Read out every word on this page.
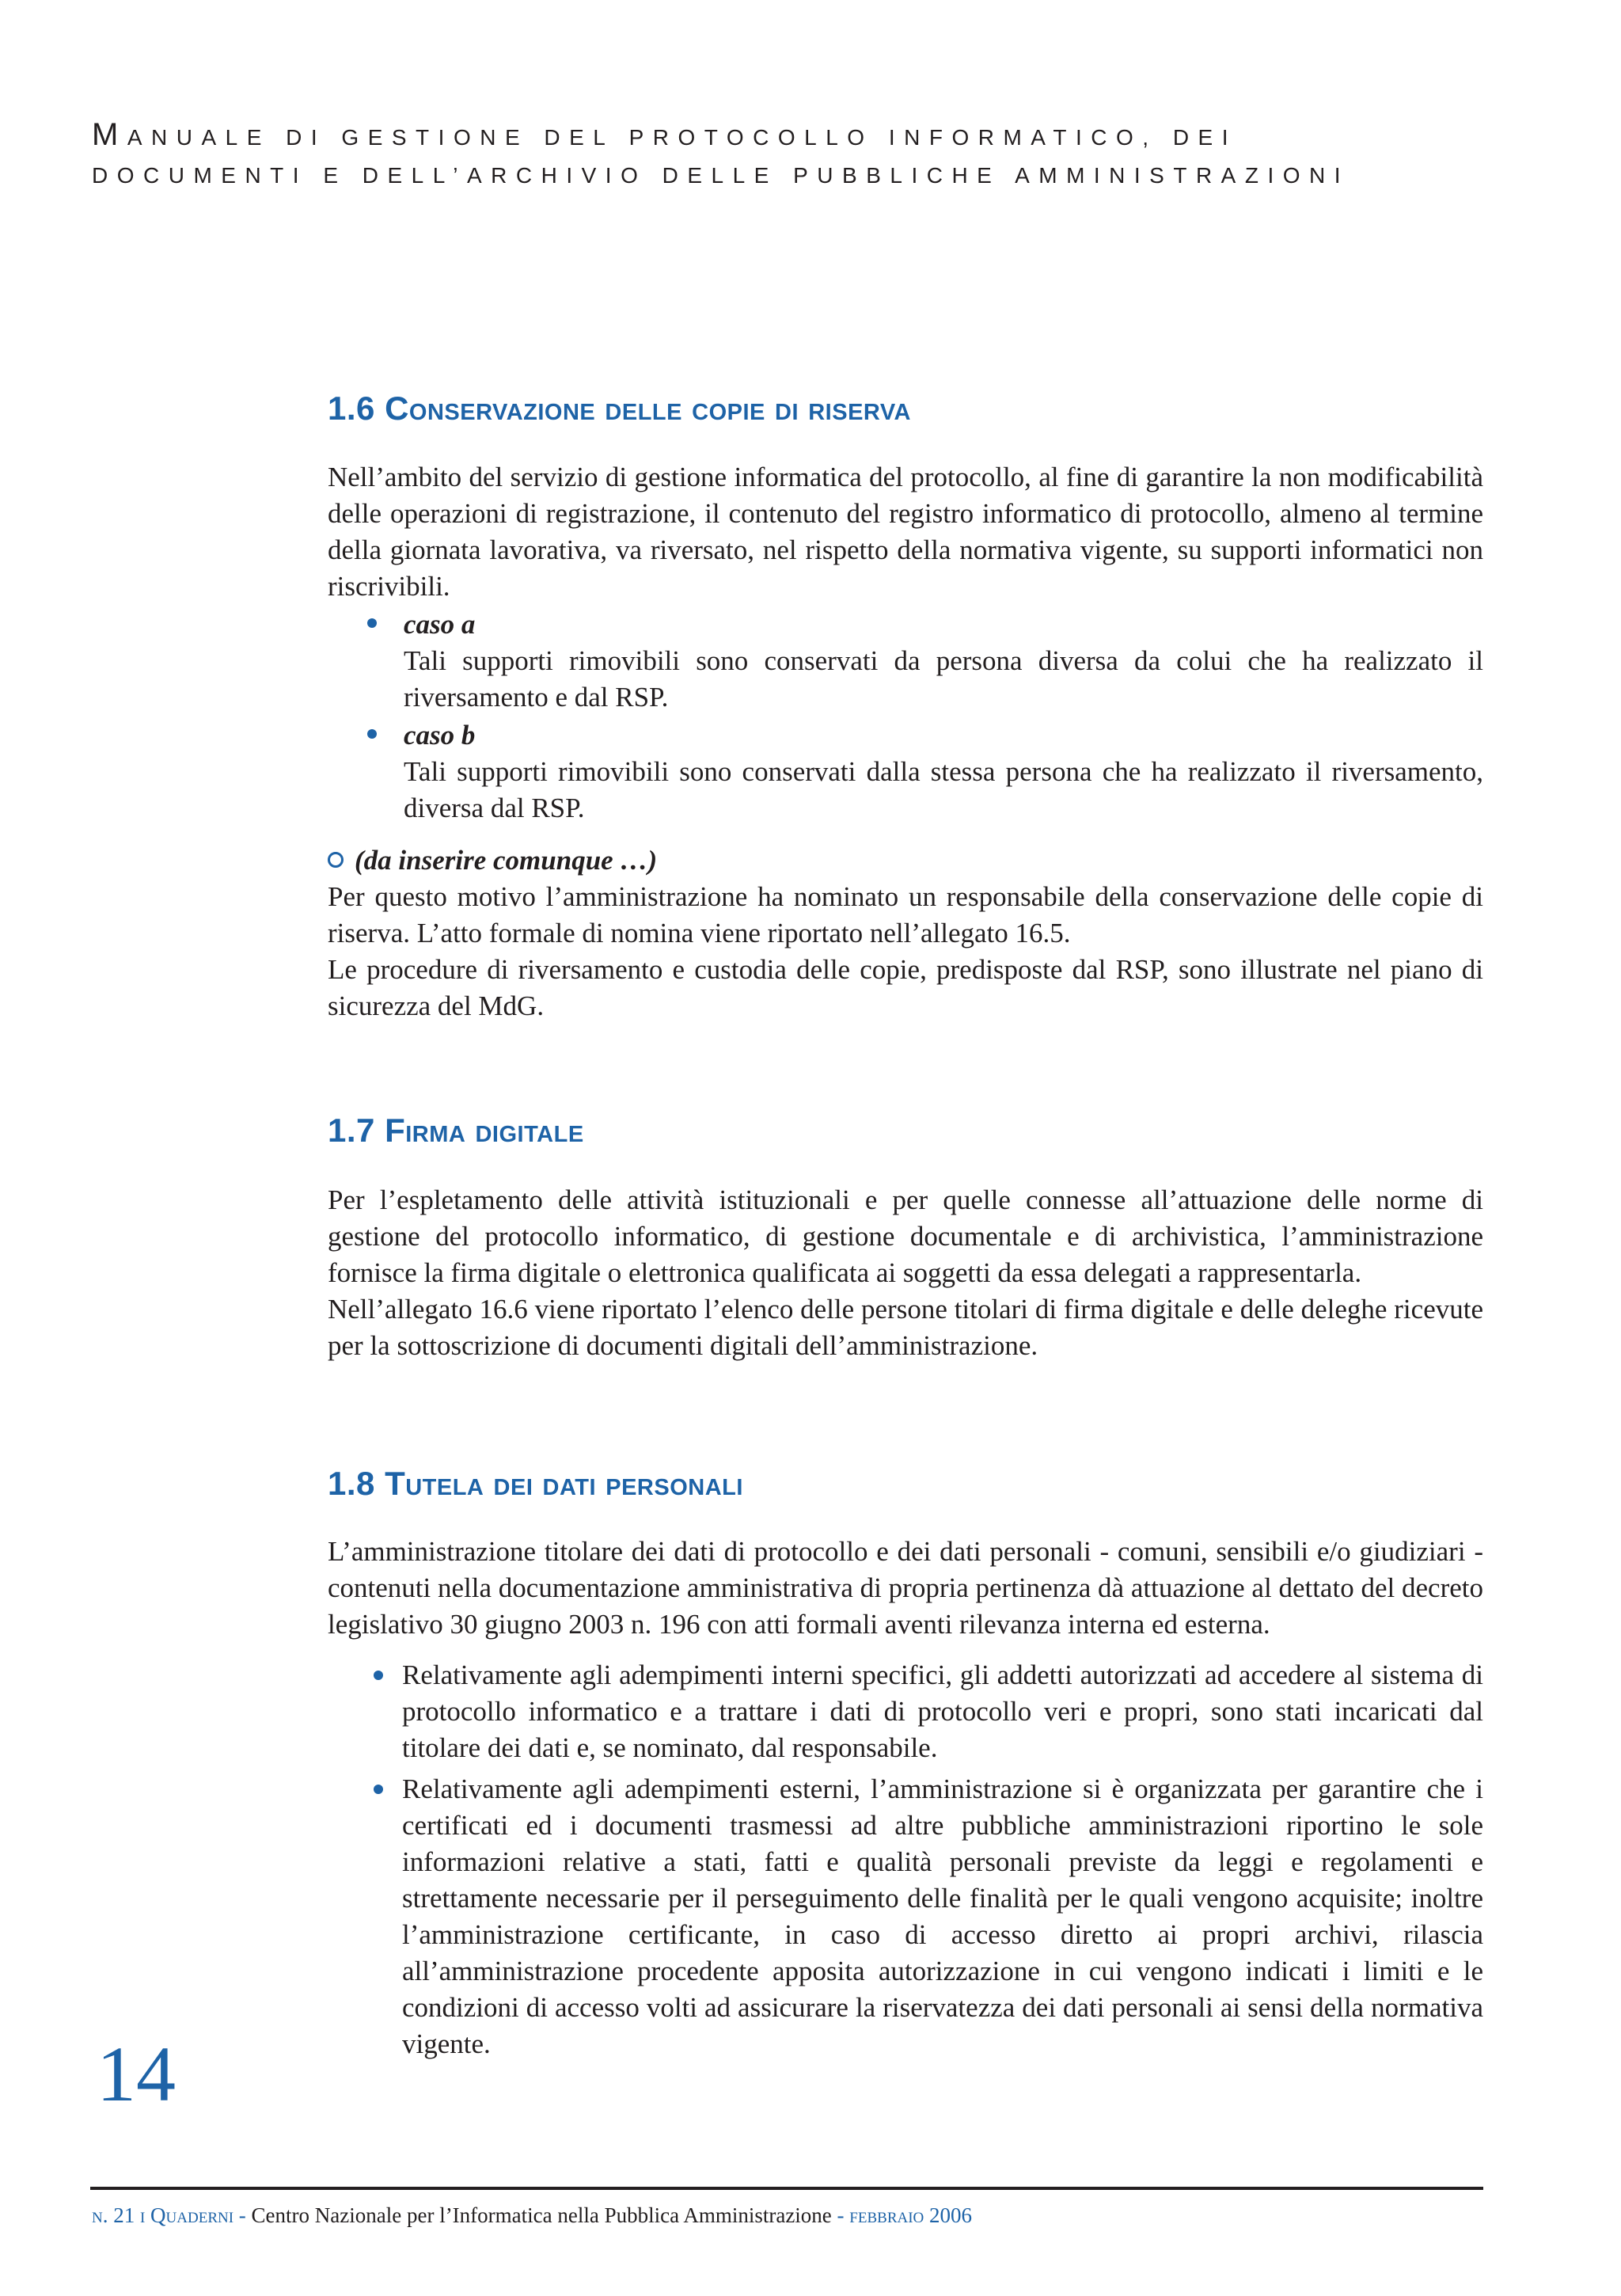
MANUALE DI GESTIONE DEL PROTOCOLLO INFORMATICO, DEI
DOCUMENTI E DELL’ARCHIVIO DELLE PUBBLICHE AMMINISTRAZIONI
1.6 Conservazione delle copie di riserva

Nell’ambito del servizio di gestione informatica del protocollo, al fine di garantire la non modificabilità delle operazioni di registrazione, il contenuto del registro informatico di protocollo, almeno al termine della giornata lavorativa, va riversato, nel rispetto della normativa vigente, su supporti informatici non riscrivibili.

caso a
Tali supporti rimovibili sono conservati da persona diversa da colui che ha realizzato il riversamento e dal RSP.
caso b
Tali supporti rimovibili sono conservati dalla stessa persona che ha realizzato il riversamento, diversa dal RSP.
(da inserire comunque …)

Per questo motivo l’amministrazione ha nominato un responsabile della conservazione delle copie di riserva. L’atto formale di nomina viene riportato nell’allegato 16.5.

Le procedure di riversamento e custodia delle copie, predisposte dal RSP, sono illustrate nel piano di sicurezza del MdG.

1.7 Firma digitale

Per l’espletamento delle attività istituzionali e per quelle connesse all’attuazione delle norme di gestione del protocollo informatico, di gestione documentale e di archivistica, l’amministrazione fornisce la firma digitale o elettronica qualificata ai soggetti da essa delegati a rappresentarla.

Nell’allegato 16.6 viene riportato l’elenco delle persone titolari di firma digitale e delle deleghe ricevute per la sottoscrizione di documenti digitali dell’amministrazione.

1.8 Tutela dei dati personali

L’amministrazione titolare dei dati di protocollo e dei dati personali - comuni, sensibili e/o giudiziari - contenuti nella documentazione amministrativa di propria pertinenza dà attuazione al dettato del decreto legislativo 30 giugno 2003 n. 196 con atti formali aventi rilevanza interna ed esterna.

Relativamente agli adempimenti interni specifici, gli addetti autorizzati ad accedere al sistema di protocollo informatico e a trattare i dati di protocollo veri e propri, sono stati incaricati dal titolare dei dati e, se nominato, dal responsabile.
Relativamente agli adempimenti esterni, l’amministrazione si è organizzata per garantire che i certificati ed i documenti trasmessi ad altre pubbliche amministrazioni riportino le sole informazioni relative a stati, fatti e qualità personali previste da leggi e regolamenti e strettamente necessarie per il perseguimento delle finalità per le quali vengono acquisite; inoltre l’amministrazione certificante, in caso di accesso diretto ai propri archivi, rilascia all’amministrazione procedente apposita autorizzazione in cui vengono indicati i limiti e le condizioni di accesso volti ad assicurare la riservatezza dei dati personali ai sensi della normativa vigente.
14
n. 21 i Quaderni - Centro Nazionale per l’Informatica nella Pubblica Amministrazione - febbraio 2006
